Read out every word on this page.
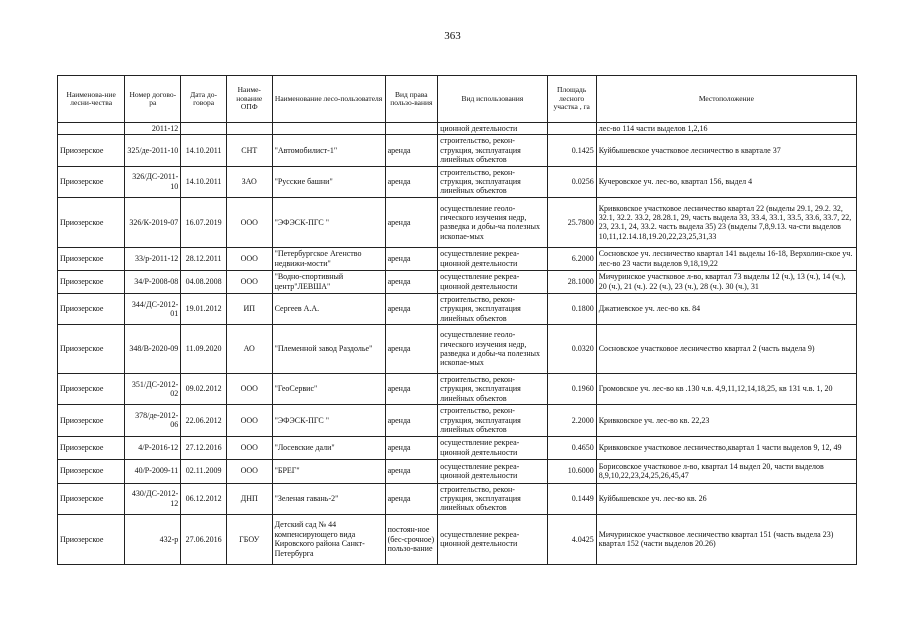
363
Наименова-ние лесни-чества	Номер догово-ра	Дата до-говора	Наиме-нование ОПФ	Наименование лесо-пользователя	Вид права пользо-вания	Вид использования	Площадь лесного участка , га	Местоположение
	2011-12					ционной деятельности		лес-во 114 части выделов 1,2,16
Приозерское	325/де-2011-10	14.10.2011	СНТ	"Автомобилист-1"	аренда	строительство, рекон-струкция, эксплуатация линейных объектов	0.1425	Куйбышевское участковое лесничество в квартале 37
Приозерское	326/ДС-2011-10	14.10.2011	ЗАО	"Русские башни"	аренда	строительство, рекон-струкция, эксплуатация линейных объектов	0.0256	Кучеровское уч. лес-во, квартал 156, выдел 4
Приозерское	326/К-2019-07	16.07.2019	ООО	"ЭФЭСК-ПГС "	аренда	осуществление геоло-гического изучения недр, разведка и добы-ча полезных ископае-мых	25.7800	Кривковское участковое лесничество квартал 22 (выделы 29.1, 29.2. 32, 32.1, 32.2. 33.2, 28.28.1, 29, часть выдела 33, 33.4, 33.1, 33.5, 33.6, 33.7, 22, 23, 23.1, 24, 33.2. часть выдела 35) 23 (выделы 7,8,9.13. ча-сти выделов 10,11,12.14.18,19.20,22,23,25,31,33
Приозерское	33/р-2011-12	28.12.2011	ООО	"Петербургское Агенство недвижи-мости"	аренда	осуществление рекреа-ционной деятельности	6.2000	Сосновское уч. лесничество квартал 141 выделы 16-18, Верхолин-ское уч. лес-во 23 части выделов 9,18,19,22
Приозерское	34/Р-2008-08	04.08.2008	ООО	"Водно-спортивный центр"ЛЕВША"	аренда	осуществление рекреа-ционной деятельности	28.1000	Мичуринское участковое л-во, квартал 73 выделы 12 (ч.), 13 (ч.), 14 (ч.), 20 (ч.), 21 (ч.). 22 (ч.), 23 (ч.), 28 (ч.). 30 (ч.), 31
Приозерское	344/ДС-2012-01	19.01.2012	ИП	Сергеев А.А.	аренда	строительство, рекон-струкция, эксплуатация линейных объектов	0.1800	Джатиевское уч. лес-во кв. 84
Приозерское	348/В-2020-09	11.09.2020	АО	"Племенной завод Раздолье"	аренда	осуществление геоло-гического изучения недр, разведка и добы-ча полезных ископае-мых	0.0320	Сосновское участковое лесничество квартал 2 (часть выдела 9)
Приозерское	351/ДС-2012-02	09.02.2012	ООО	"ГеоСервис"	аренда	строительство, рекон-струкция, эксплуатация линейных объектов	0.1960	Громовское уч. лес-во кв .130 ч.в. 4,9,11,12,14,18,25, кв 131 ч.в. 1, 20
Приозерское	378/де-2012-06	22.06.2012	ООО	"ЭФЭСК-ПГС "	аренда	строительство, рекон-струкция, эксплуатация линейных объектов	2.2000	Кривковское уч. лес-во кв. 22,23
Приозерское	4/Р-2016-12	27.12.2016	ООО	"Лосевские дали"	аренда	осуществление рекреа-ционной деятельности	0.4650	Кривковское участковое лесничество,квартал 1 части выделов 9, 12, 49
Приозерское	40/Р-2009-11	02.11.2009	ООО	"БРЕГ"	аренда	осуществление рекреа-ционной деятельности	10.6000	Борисовское участковое л-во, квартал 14 выдел 20, части выделов 8,9,10,22,23,24,25,26,45,47
Приозерское	430/ДС-2012-12	06.12.2012	ДНП	"Зеленая гавань-2"	аренда	строительство, рекон-струкция, эксплуатация линейных объектов	0.1449	Куйбышевское уч. лес-во кв. 26
Приозерское	432-р	27.06.2016	ГБОУ	Детский сад № 44 компенсирующего вида Кировского района Санкт-Петербурга	постоян-ное (бес-срочное) пользо-вание	осуществление рекреа-ционной деятельности	4.0425	Мичуринское участковое лесничество квартал 151 (часть выдела 23) квартал 152 (части выделов 20.26)
